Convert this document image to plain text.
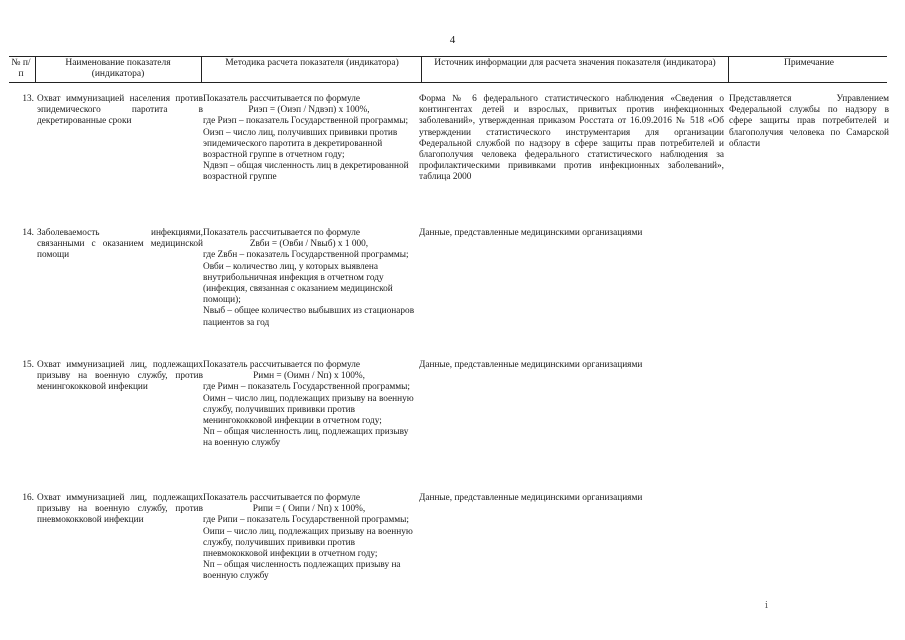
4
№ п/п
Наименование показателя (индикатора)
Методика расчета показателя (индикатора)	Источник информации для расчета значения показателя (индикатора)	Примечание
13. Охват иммунизацией населения против эпидемического паротита в декретированные сроки
Показатель рассчитывается по формуле
Риэп = (Оиэп / Nдвэп) х 100%,
где Риэп – показатель Государственной программы;
Оиэп – число лиц, получивших прививки против эпидемического паротита в декретированной возрастной группе в отчетном году;
Nдвэп – общая численность лиц в декретированной возрастной группе
Форма № 6 федерального статистического наблюдения «Сведения о контингентах детей и взрослых, привитых против инфекционных заболеваний», утвержденная приказом Росстата от 16.09.2016 № 518 «Об утверждении статистического инструментария для организации Федеральной службой по надзору в сфере защиты прав потребителей и благополучия человека федерального статистического наблюдения за профилактическими прививками против инфекционных заболеваний», таблица 2000
Представляется Управлением Федеральной службы по надзору в сфере защиты прав потребителей и благополучия человека по Самарской области
14. Заболеваемость инфекциями, связанными с оказанием медицинской помощи
Показатель рассчитывается по формуле
Zвби = (Овби / Nвыб) х 1 000,
где Zвбн – показатель Государственной программы;
Овби – количество лиц, у которых выявлена внутрибольничная инфекция в отчетном году (инфекция, связанная с оказанием медицинской помощи);
Nвыб – общее количество выбывших из стационаров пациентов за год
Данные, представленные медицинскими организациями
15. Охват иммунизацией лиц, подлежащих призыву на военную службу, против менингококковой инфекции
Показатель рассчитывается по формуле
Римн = (Оимн / Nп) х 100%,
где Римн – показатель Государственной программы;
Оимн – число лиц, подлежащих призыву на военную службу, получивших прививки против менингококковой инфекции в отчетном году;
Nп – общая численность лиц, подлежащих призыву на военную службу
Данные, представленные медицинскими организациями
16. Охват иммунизацией лиц, подлежащих призыву на военную службу, против пневмококковой инфекции
Показатель рассчитывается по формуле
Рипи = ( Оипи / Nп) х 100%,
где Рипи – показатель Государственной программы;
Оипи – число лиц, подлежащих призыву на военную службу, получивших прививки против пневмококковой инфекции в отчетном году;
Nп – общая численность подлежащих призыву на военную службу
Данные, представленные медицинскими организациями
ⅰ
